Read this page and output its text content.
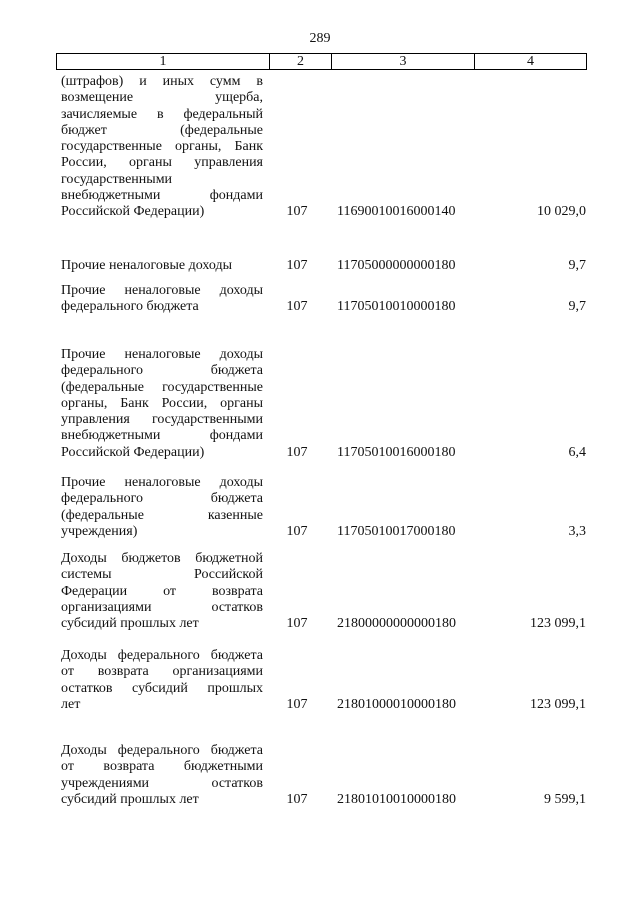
289
1	2	3	4
(штрафов) и иных сумм в
возмещение ущерба,
зачисляемые в федеральный
бюджет (федеральные
государственные органы, Банк
России, органы управления
государственными
внебюджетными фондами
Российской Федерации)	107 11690010016000140	10 029,0
Прочие неналоговые доходы	107 11705000000000180	9,7
Прочие неналоговые доходы
федерального бюджета	107 11705010010000180	9,7
Прочие неналоговые доходы
федерального бюджета
(федеральные государственные
органы, Банк России, органы
управления государственными
внебюджетными фондами
Российской Федерации)	107 11705010016000180	6,4
Прочие неналоговые доходы
федерального бюджета
(федеральные казенные
учреждения)	107 11705010017000180	3,3
Доходы бюджетов бюджетной
системы Российской
Федерации от возврата
организациями остатков
субсидий прошлых лет	107 21800000000000180	123 099,1
Доходы федерального бюджета
от возврата организациями
остатков субсидий прошлых
лет	107 21801000010000180	123 099,1
Доходы федерального бюджета
от возврата бюджетными
учреждениями остатков
субсидий прошлых лет	107 21801010010000180	9 599,1
